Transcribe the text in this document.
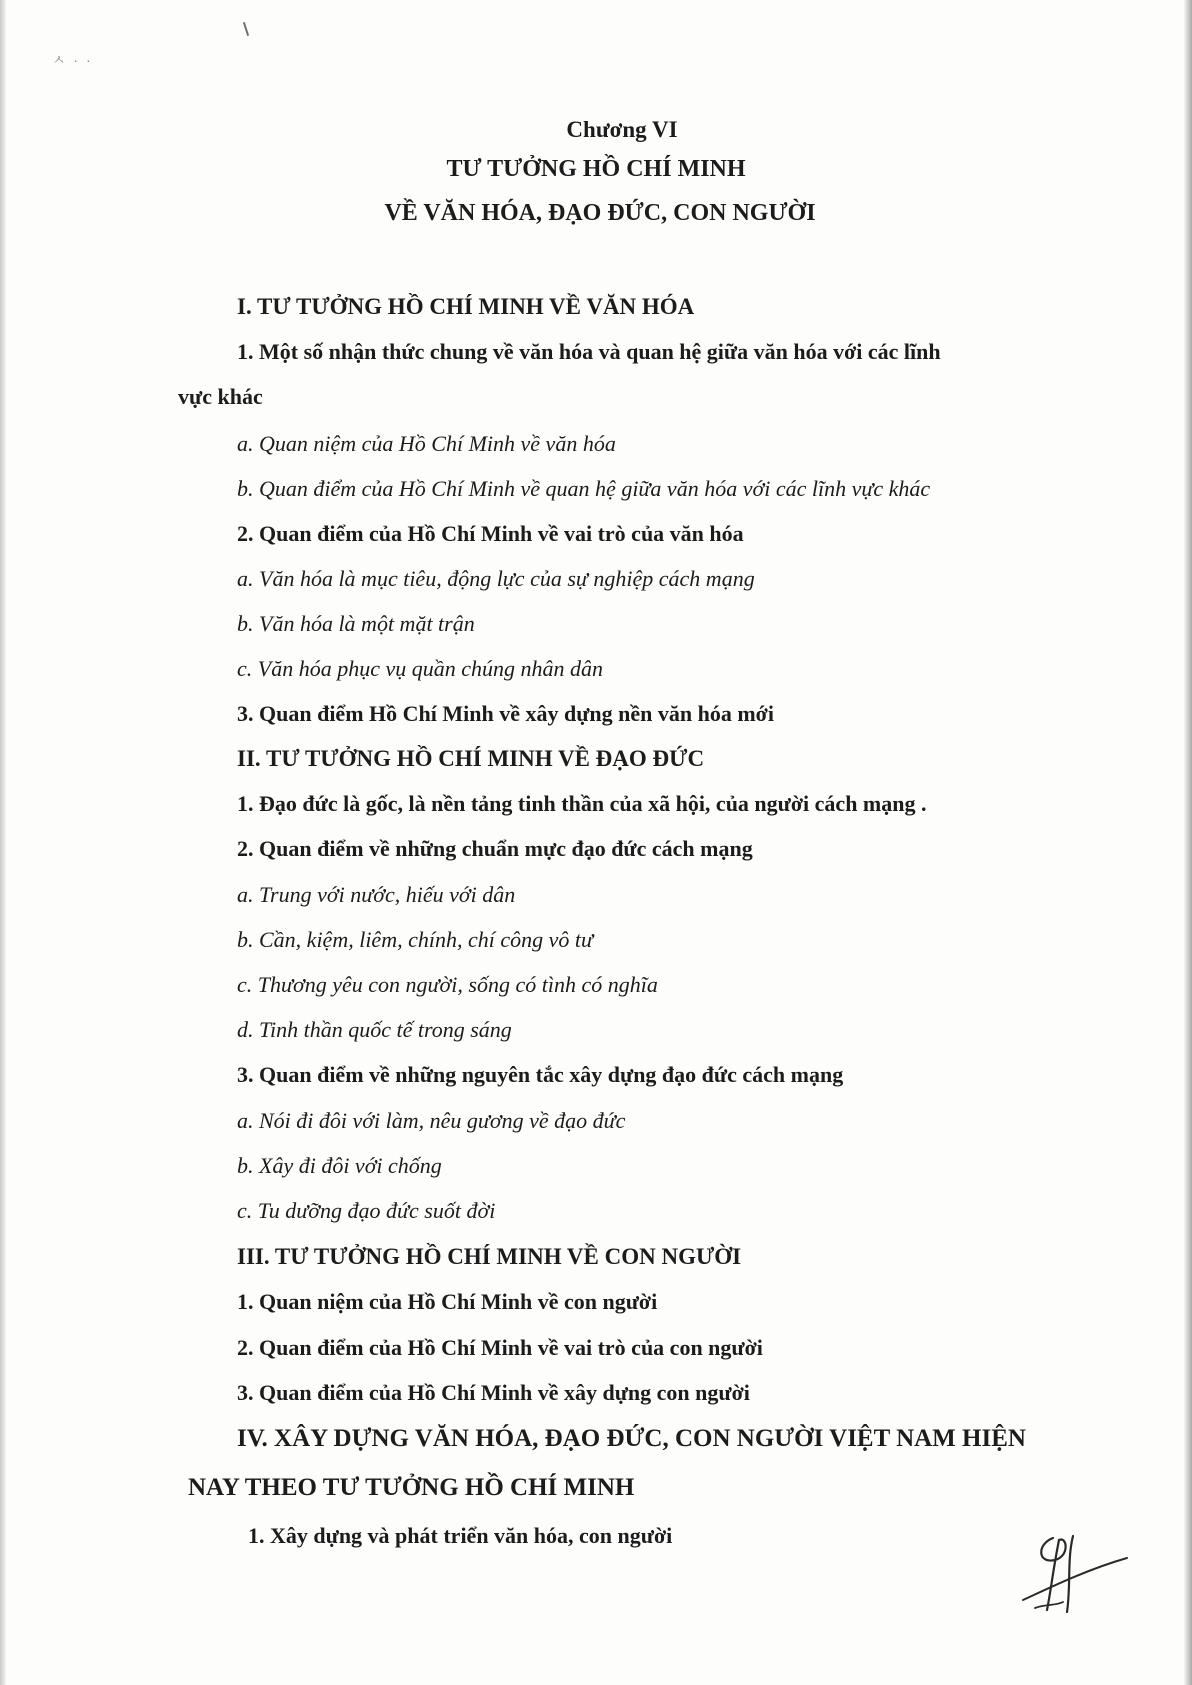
ㅅ · ·
Chương VI
TƯ TƯỞNG HỒ CHÍ MINH
VỀ VĂN HÓA, ĐẠO ĐỨC, CON NGƯỜI
I. TƯ TƯỞNG HỒ CHÍ MINH VỀ VĂN HÓA
1. Một số nhận thức chung về văn hóa và quan hệ giữa văn hóa với các lĩnh
vực khác
a. Quan niệm của Hồ Chí Minh về văn hóa
b. Quan điểm của Hồ Chí Minh về quan hệ giữa văn hóa với các lĩnh vực khác
2. Quan điểm của Hồ Chí Minh về vai trò của văn hóa
a. Văn hóa là mục tiêu, động lực của sự nghiệp cách mạng
b. Văn hóa là một mặt trận
c. Văn hóa phục vụ quần chúng nhân dân
3. Quan điểm Hồ Chí Minh về xây dựng nền văn hóa mới
II. TƯ TƯỞNG HỒ CHÍ MINH VỀ ĐẠO ĐỨC
1. Đạo đức là gốc, là nền tảng tinh thần của xã hội, của người cách mạng .
2. Quan điểm về những chuẩn mực đạo đức cách mạng
a. Trung với nước, hiếu với dân
b. Cần, kiệm, liêm, chính, chí công vô tư
c. Thương yêu con người, sống có tình có nghĩa
d. Tinh thần quốc tế trong sáng
3. Quan điểm về những nguyên tắc xây dựng đạo đức cách mạng
a. Nói đi đôi với làm, nêu gương về đạo đức
b. Xây đi đôi với chống
c. Tu dưỡng đạo đức suốt đời
III. TƯ TƯỞNG HỒ CHÍ MINH VỀ CON NGƯỜI
1. Quan niệm của Hồ Chí Minh về con người
2. Quan điểm của Hồ Chí Minh về vai trò của con người
3. Quan điểm của Hồ Chí Minh về xây dựng con người
IV. XÂY DỰNG VĂN HÓA, ĐẠO ĐỨC, CON NGƯỜI VIỆT NAM HIỆN
NAY THEO TƯ TƯỞNG HỒ CHÍ MINH
1. Xây dựng và phát triển văn hóa, con người
